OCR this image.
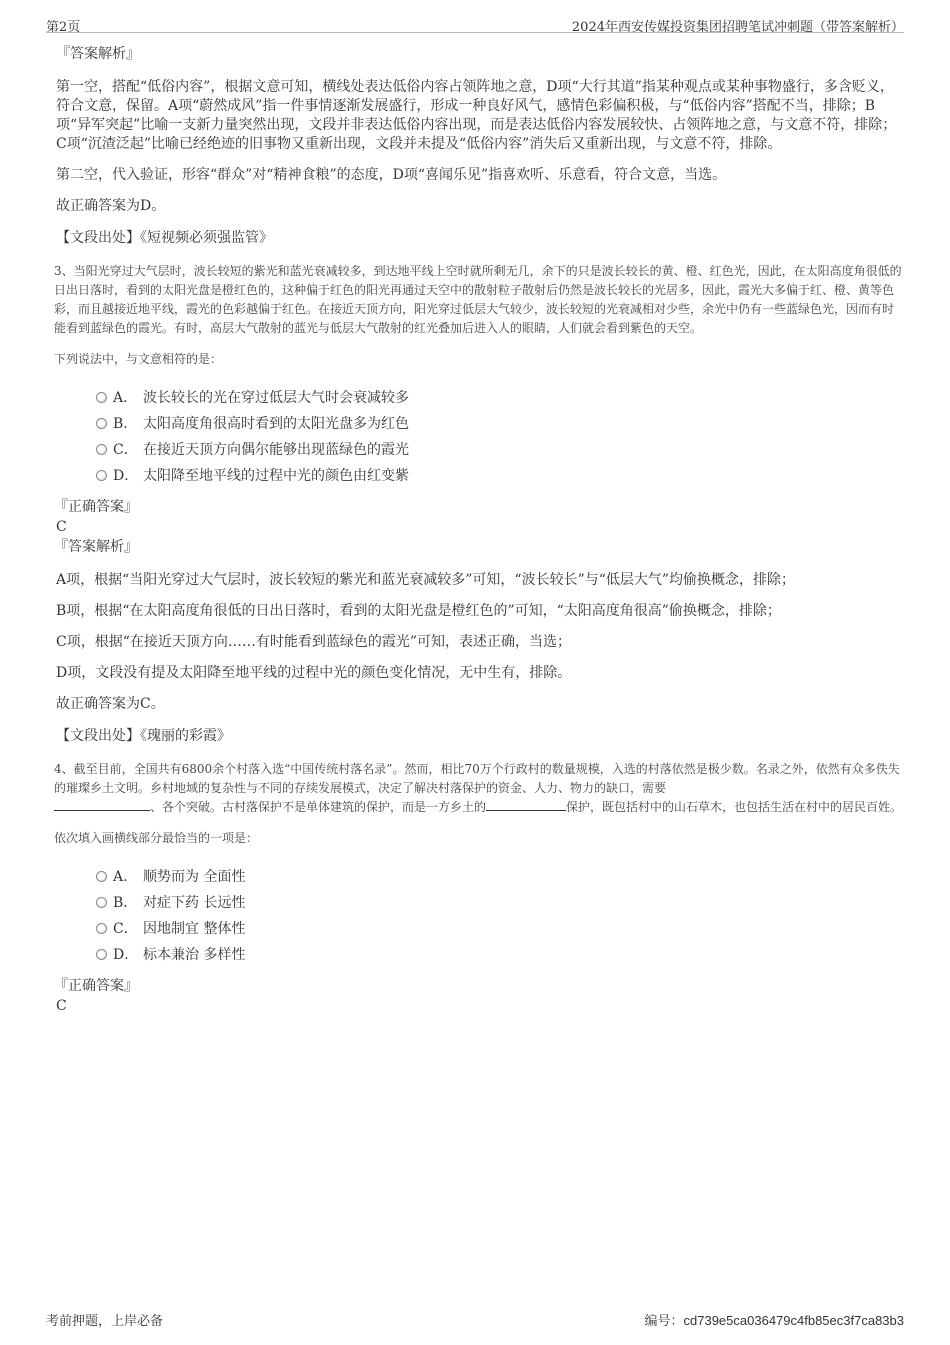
第2页	2024年西安传媒投资集团招聘笔试冲刺题（带答案解析）
『答案解析』

第一空，搭配“低俗内容”，根据文意可知，横线处表达低俗内容占领阵地之意，D项“大行其道”指某种观点或某种事物盛行，多含贬义，符合文意，保留。A项“蔚然成风”指一件事情逐渐发展盛行，形成一种良好风气，感情色彩偏积极，与“低俗内容”搭配不当，排除；B项“异军突起”比喻一支新力量突然出现，文段并非表达低俗内容出现，而是表达低俗内容发展较快、占领阵地之意，与文意不符，排除；C项“沉渣泛起”比喻已经绝迹的旧事物又重新出现，文段并未提及“低俗内容”消失后又重新出现，与文意不符，排除。

第二空，代入验证，形容“群众”对“精神食粮”的态度，D项“喜闻乐见”指喜欢听、乐意看，符合文意，当选。

故正确答案为D。

【文段出处】《短视频必须强监管》

3、当阳光穿过大气层时，波长较短的紫光和蓝光衰减较多，到达地平线上空时就所剩无几，余下的只是波长较长的黄、橙、红色光，因此，在太阳高度角很低的日出日落时，看到的太阳光盘是橙红色的，这种偏于红色的阳光再通过天空中的散射粒子散射后仍然是波长较长的光居多，因此，霞光大多偏于红、橙、黄等色彩，而且越接近地平线，霞光的色彩越偏于红色。在接近天顶方向，阳光穿过低层大气较少，波长较短的光衰减相对少些，余光中仍有一些蓝绿色光，因而有时能看到蓝绿色的霞光。有时，高层大气散射的蓝光与低层大气散射的红光叠加后进入人的眼睛，人们就会看到紫色的天空。
下列说法中，与文意相符的是：
A． 波长较长的光在穿过低层大气时会衰减较多
B． 太阳高度角很高时看到的太阳光盘多为红色
C． 在接近天顶方向偶尔能够出现蓝绿色的霞光
D． 太阳降至地平线的过程中光的颜色由红变紫
『正确答案』
C
『答案解析』

A项，根据“当阳光穿过大气层时，波长较短的紫光和蓝光衰减较多”可知，“波长较长”与“低层大气”均偷换概念，排除；

B项，根据“在太阳高度角很低的日出日落时，看到的太阳光盘是橙红色的”可知，“太阳高度角很高”偷换概念，排除；

C项，根据“在接近天顶方向……有时能看到蓝绿色的霞光”可知，表述正确，当选；

D项，文段没有提及太阳降至地平线的过程中光的颜色变化情况，无中生有，排除。

故正确答案为C。

【文段出处】《瑰丽的彩霞》

4、截至目前，全国共有6800余个村落入选“中国传统村落名录”。然而，相比70万个行政村的数量规模，入选的村落依然是极少数。名录之外，依然有众多佚失的璀璨乡土文明。乡村地域的复杂性与不同的存续发展模式，决定了解决村落保护的资金、人力、物力的缺口，需要
、各个突破。古村落保护不是单体建筑的保护，而是一方乡土的	保护，既包括村中的山石草木，也包括生活在村中的居民百姓。
依次填入画横线部分最恰当的一项是：
A． 顺势而为 全面性
B． 对症下药 长远性
C． 因地制宜 整体性
D． 标本兼治 多样性
『正确答案』
C
考前押题，上岸必备	编号：cd739e5ca036479c4fb85ec3f7ca83b3
